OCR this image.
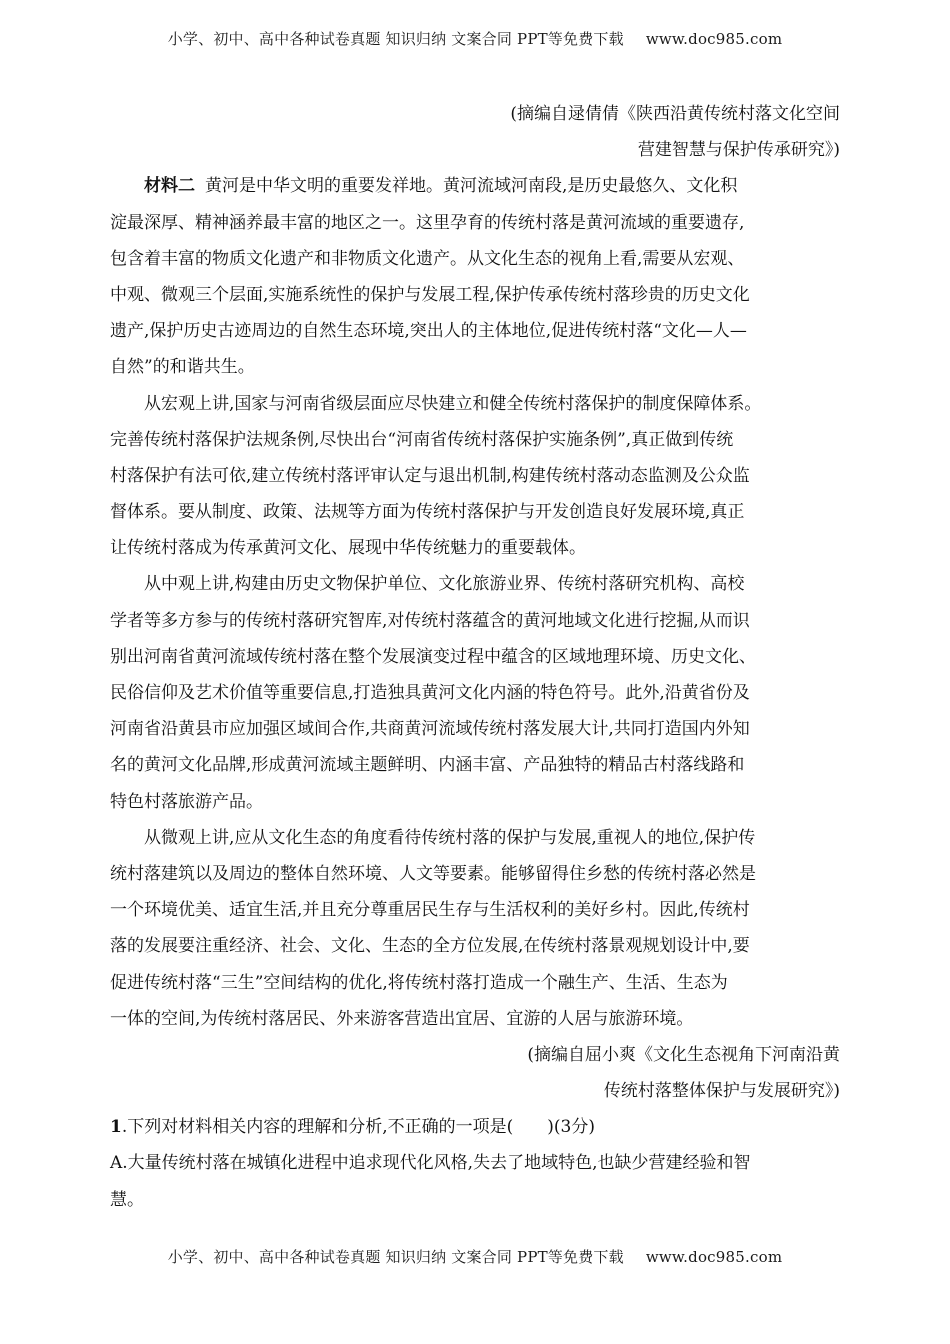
小学、初中、高中各种试卷真题 知识归纳 文案合同 PPT等免费下载 www.doc985.com
(摘编自逯倩倩《陕西沿黄传统村落文化空间
营建智慧与保护传承研究》)
材料二 黄河是中华文明的重要发祥地。黄河流域河南段,是历史最悠久、文化积
淀最深厚、精神涵养最丰富的地区之一。这里孕育的传统村落是黄河流域的重要遗存,
包含着丰富的物质文化遗产和非物质文化遗产。从文化生态的视角上看,需要从宏观、
中观、微观三个层面,实施系统性的保护与发展工程,保护传承传统村落珍贵的历史文化
遗产,保护历史古迹周边的自然生态环境,突出人的主体地位,促进传统村落“文化—人—
自然”的和谐共生。
从宏观上讲,国家与河南省级层面应尽快建立和健全传统村落保护的制度保障体系。
完善传统村落保护法规条例,尽快出台“河南省传统村落保护实施条例”,真正做到传统
村落保护有法可依,建立传统村落评审认定与退出机制,构建传统村落动态监测及公众监
督体系。要从制度、政策、法规等方面为传统村落保护与开发创造良好发展环境,真正
让传统村落成为传承黄河文化、展现中华传统魅力的重要载体。
从中观上讲,构建由历史文物保护单位、文化旅游业界、传统村落研究机构、高校
学者等多方参与的传统村落研究智库,对传统村落蕴含的黄河地域文化进行挖掘,从而识
别出河南省黄河流域传统村落在整个发展演变过程中蕴含的区域地理环境、历史文化、
民俗信仰及艺术价值等重要信息,打造独具黄河文化内涵的特色符号。此外,沿黄省份及
河南省沿黄县市应加强区域间合作,共商黄河流域传统村落发展大计,共同打造国内外知
名的黄河文化品牌,形成黄河流域主题鲜明、内涵丰富、产品独特的精品古村落线路和
特色村落旅游产品。
从微观上讲,应从文化生态的角度看待传统村落的保护与发展,重视人的地位,保护传
统村落建筑以及周边的整体自然环境、人文等要素。能够留得住乡愁的传统村落必然是
一个环境优美、适宜生活,并且充分尊重居民生存与生活权利的美好乡村。因此,传统村
落的发展要注重经济、社会、文化、生态的全方位发展,在传统村落景观规划设计中,要
促进传统村落“三生”空间结构的优化,将传统村落打造成一个融生产、生活、生态为
一体的空间,为传统村落居民、外来游客营造出宜居、宜游的人居与旅游环境。
(摘编自屈小爽《文化生态视角下河南沿黄
传统村落整体保护与发展研究》)
1.下列对材料相关内容的理解和分析,不正确的一项是(　　)(3分)
A.大量传统村落在城镇化进程中追求现代化风格,失去了地域特色,也缺少营建经验和智
慧。
小学、初中、高中各种试卷真题 知识归纳 文案合同 PPT等免费下载 www.doc985.com
